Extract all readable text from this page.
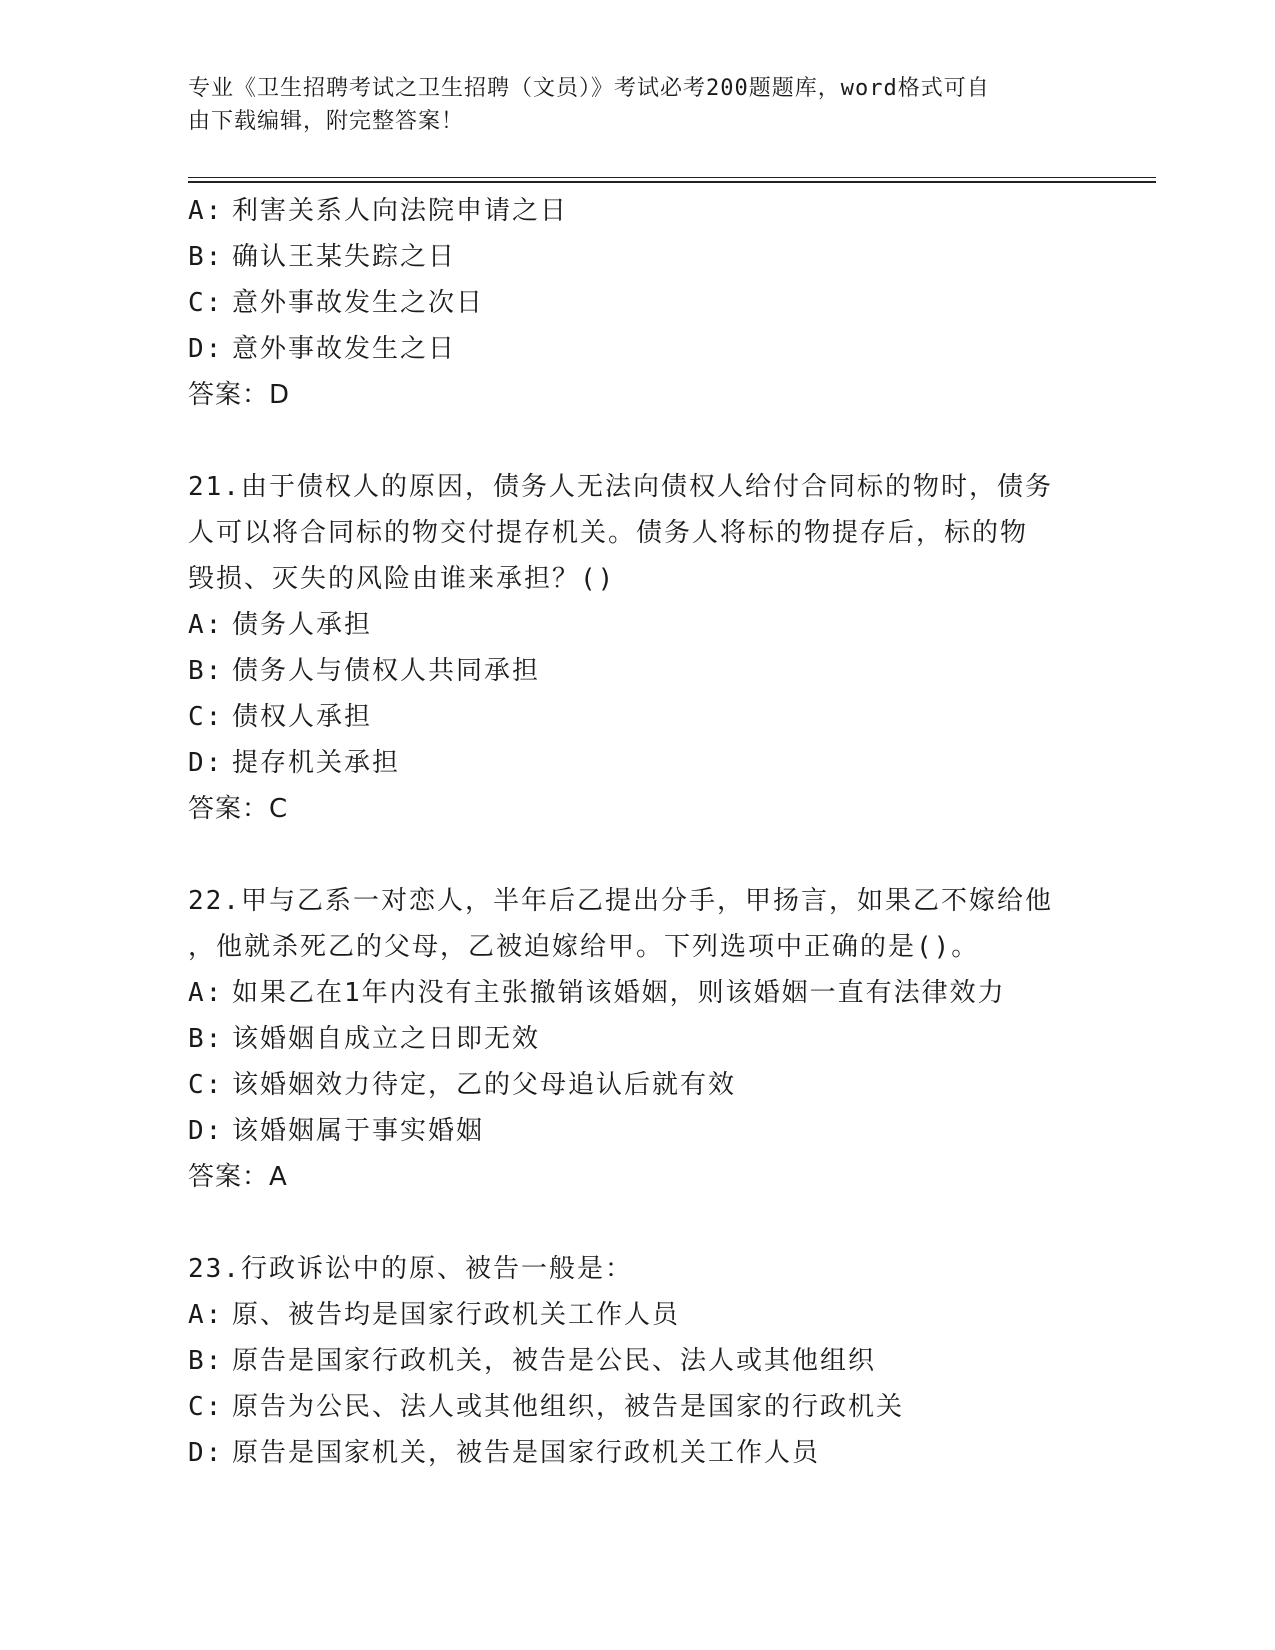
专业《卫生招聘考试之卫生招聘（文员）》考试必考200题题库，word格式可自
由下载编辑，附完整答案！
A: 利害关系人向法院申请之日
B: 确认王某失踪之日
C: 意外事故发生之次日
D: 意外事故发生之日
答案：D
21.由于债权人的原因，债务人无法向债权人给付合同标的物时，债务
人可以将合同标的物交付提存机关。债务人将标的物提存后，标的物
毁损、灭失的风险由谁来承担？()
A: 债务人承担
B: 债务人与债权人共同承担
C: 债权人承担
D: 提存机关承担
答案：C
22.甲与乙系一对恋人，半年后乙提出分手，甲扬言，如果乙不嫁给他
，他就杀死乙的父母，乙被迫嫁给甲。下列选项中正确的是()。
A: 如果乙在1年内没有主张撤销该婚姻，则该婚姻一直有法律效力
B: 该婚姻自成立之日即无效
C: 该婚姻效力待定，乙的父母追认后就有效
D: 该婚姻属于事实婚姻
答案：A
23.行政诉讼中的原、被告一般是：
A: 原、被告均是国家行政机关工作人员
B: 原告是国家行政机关，被告是公民、法人或其他组织
C: 原告为公民、法人或其他组织，被告是国家的行政机关
D: 原告是国家机关，被告是国家行政机关工作人员
